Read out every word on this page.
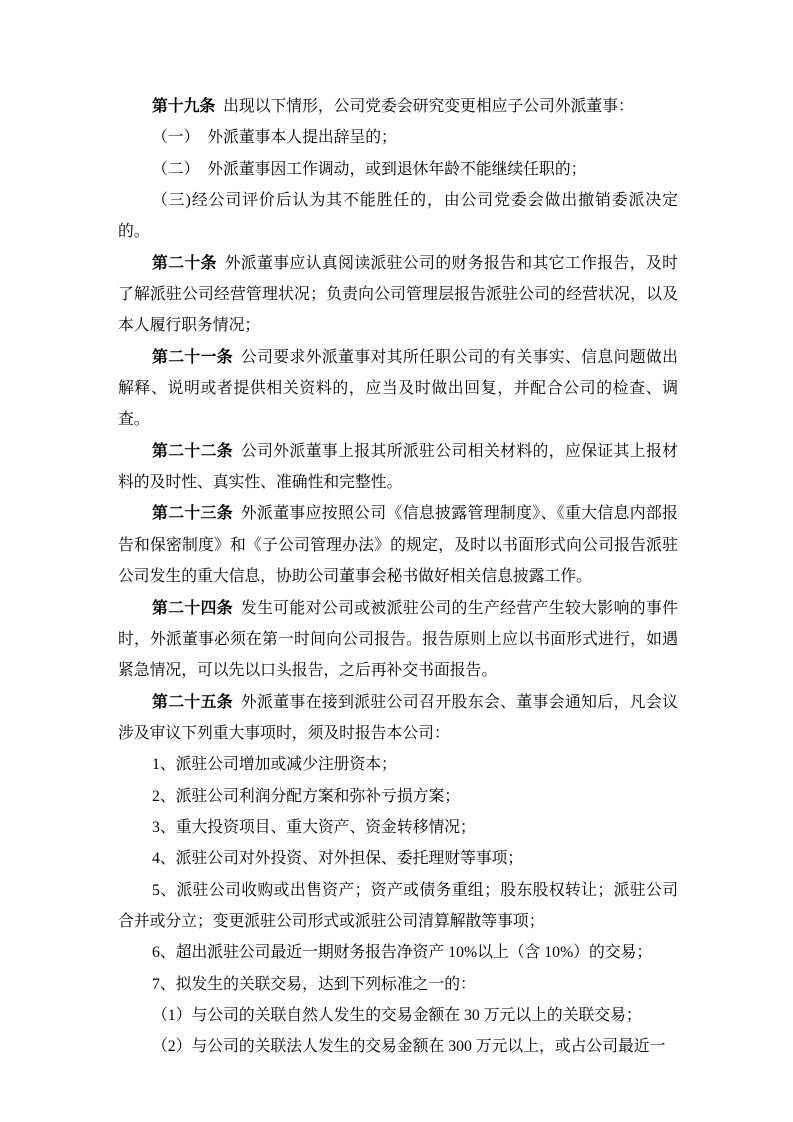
第十九条 出现以下情形，公司党委会研究变更相应子公司外派董事：

（一）　外派董事本人提出辞呈的；

（二）　外派董事因工作调动，或到退休年龄不能继续任职的；

（三)经公司评价后认为其不能胜任的，由公司党委会做出撤销委派决定的。

第二十条 外派董事应认真阅读派驻公司的财务报告和其它工作报告，及时了解派驻公司经营管理状况；负责向公司管理层报告派驻公司的经营状况，以及本人履行职务情况；

第二十一条 公司要求外派董事对其所任职公司的有关事实、信息问题做出解释、说明或者提供相关资料的，应当及时做出回复，并配合公司的检查、调查。

第二十二条 公司外派董事上报其所派驻公司相关材料的，应保证其上报材料的及时性、真实性、准确性和完整性。

第二十三条 外派董事应按照公司《信息披露管理制度》、《重大信息内部报告和保密制度》和《子公司管理办法》的规定，及时以书面形式向公司报告派驻公司发生的重大信息，协助公司董事会秘书做好相关信息披露工作。

第二十四条 发生可能对公司或被派驻公司的生产经营产生较大影响的事件时，外派董事必须在第一时间向公司报告。报告原则上应以书面形式进行，如遇紧急情况，可以先以口头报告，之后再补交书面报告。

第二十五条 外派董事在接到派驻公司召开股东会、董事会通知后，凡会议涉及审议下列重大事项时，须及时报告本公司：

1、派驻公司增加或减少注册资本；

2、派驻公司利润分配方案和弥补亏损方案；

3、重大投资项目、重大资产、资金转移情况；

4、派驻公司对外投资、对外担保、委托理财等事项；

5、派驻公司收购或出售资产；资产或债务重组；股东股权转让；派驻公司合并或分立；变更派驻公司形式或派驻公司清算解散等事项；

6、超出派驻公司最近一期财务报告净资产 10%以上（含 10%）的交易；

7、拟发生的关联交易，达到下列标准之一的：

（1）与公司的关联自然人发生的交易金额在 30 万元以上的关联交易；

（2）与公司的关联法人发生的交易金额在 300 万元以上，或占公司最近一
